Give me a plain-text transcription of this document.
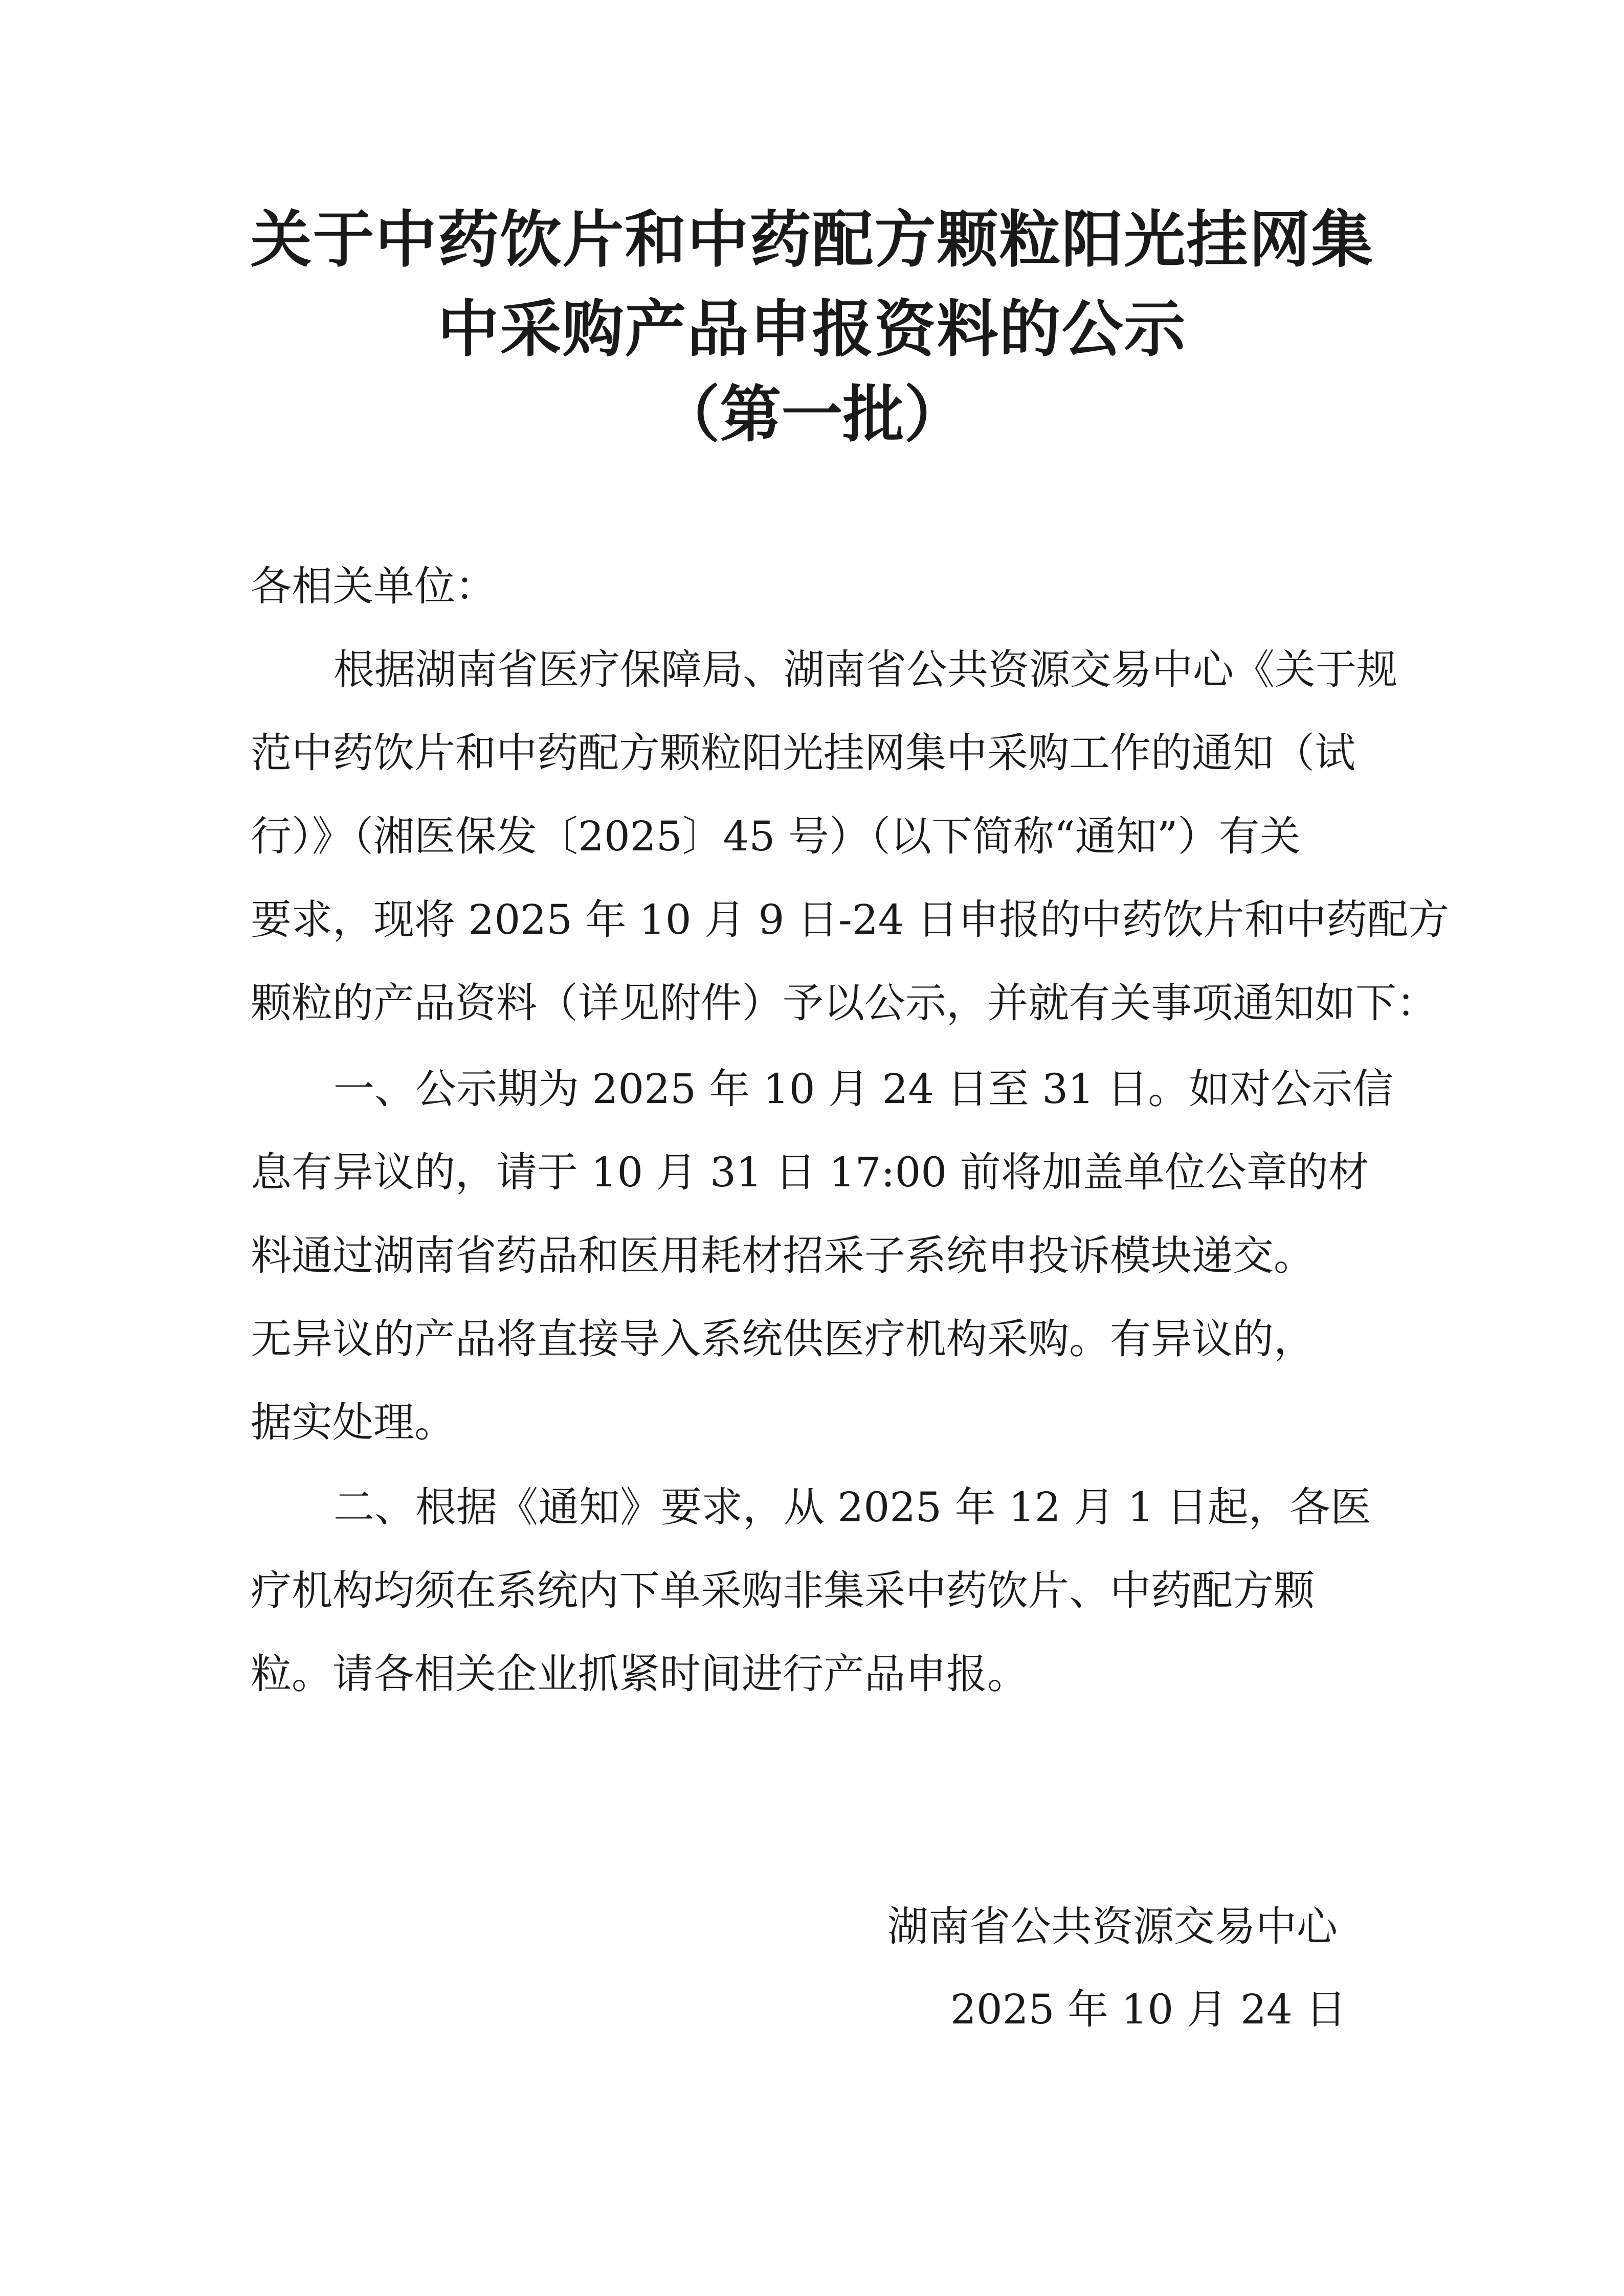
关于中药饮片和中药配方颗粒阳光挂网集
中采购产品申报资料的公示
（第一批）
各相关单位：
根据湖南省医疗保障局、湖南省公共资源交易中心《关于规
范中药饮片和中药配方颗粒阳光挂网集中采购工作的通知（试
行）》（湘医保发〔2025〕45 号）（以下简称“通知”）有关
要求，现将 2025 年 10 月 9 日-24 日申报的中药饮片和中药配方
颗粒的产品资料（详见附件）予以公示，并就有关事项通知如下：
一、公示期为 2025 年 10 月 24 日至 31 日。如对公示信
息有异议的，请于 10 月 31 日 17:00 前将加盖单位公章的材
料通过湖南省药品和医用耗材招采子系统申投诉模块递交。
无异议的产品将直接导入系统供医疗机构采购。有异议的，
据实处理。
二、根据《通知》要求，从 2025 年 12 月 1 日起，各医
疗机构均须在系统内下单采购非集采中药饮片、中药配方颗
粒。请各相关企业抓紧时间进行产品申报。
湖南省公共资源交易中心
2025 年 10 月 24 日
